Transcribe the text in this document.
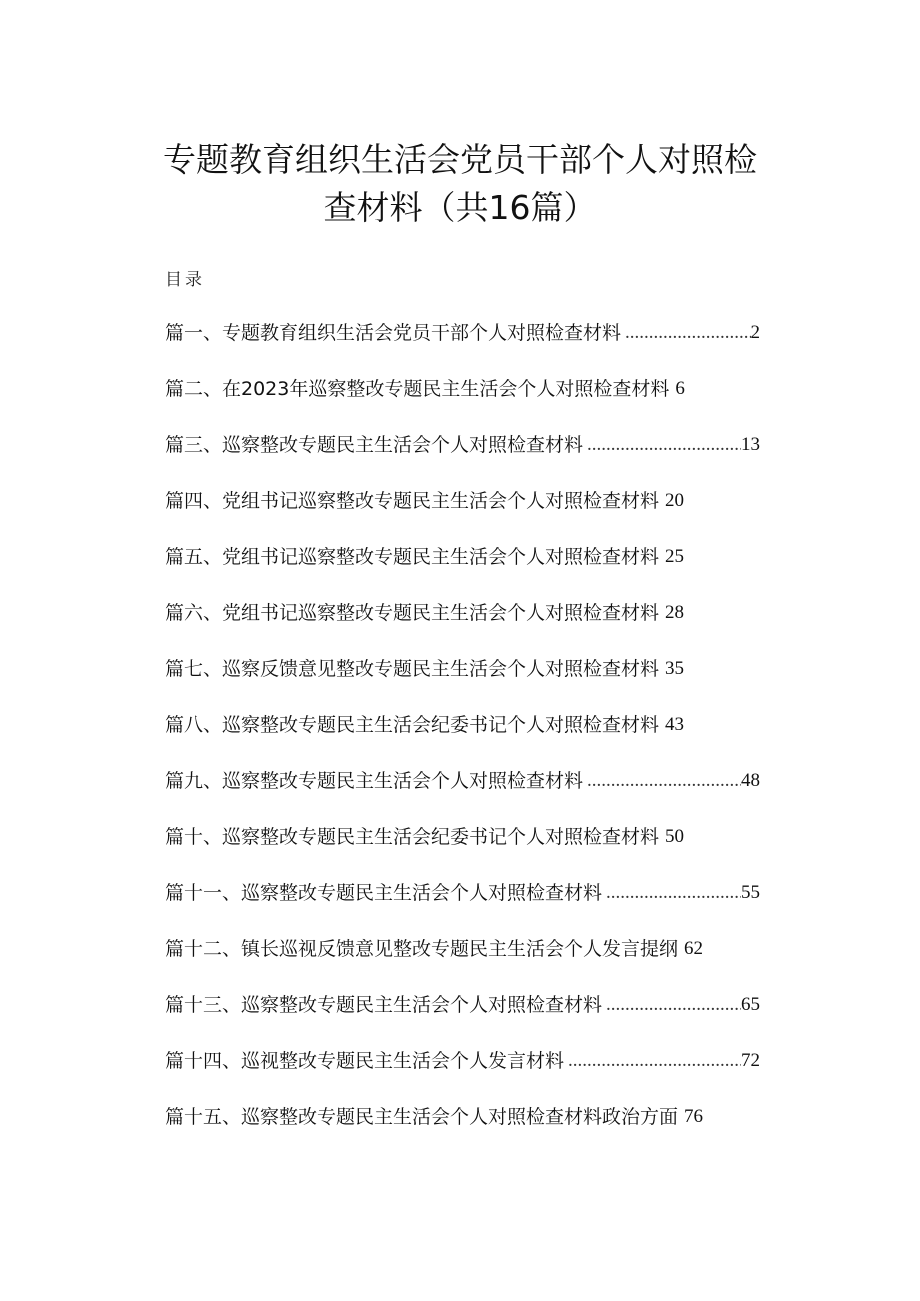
专题教育组织生活会党员干部个人对照检
查材料（共16篇）
目录
篇一、专题教育组织生活会党员干部个人对照检查材料 .....	2
篇二、在2023年巡察整改专题民主生活会个人对照检查材料 6
篇三、巡察整改专题民主生活会个人对照检查材料 .....	13
篇四、党组书记巡察整改专题民主生活会个人对照检查材料 20
篇五、党组书记巡察整改专题民主生活会个人对照检查材料 25
篇六、党组书记巡察整改专题民主生活会个人对照检查材料 28
篇七、巡察反馈意见整改专题民主生活会个人对照检查材料 35
篇八、巡察整改专题民主生活会纪委书记个人对照检查材料 43
篇九、巡察整改专题民主生活会个人对照检查材料 .....	48
篇十、巡察整改专题民主生活会纪委书记个人对照检查材料 50
篇十一、巡察整改专题民主生活会个人对照检查材料 .....	55
篇十二、镇长巡视反馈意见整改专题民主生活会个人发言提纲 62
篇十三、巡察整改专题民主生活会个人对照检查材料 .....	65
篇十四、巡视整改专题民主生活会个人发言材料 .....	72
篇十五、巡察整改专题民主生活会个人对照检查材料政治方面 76
